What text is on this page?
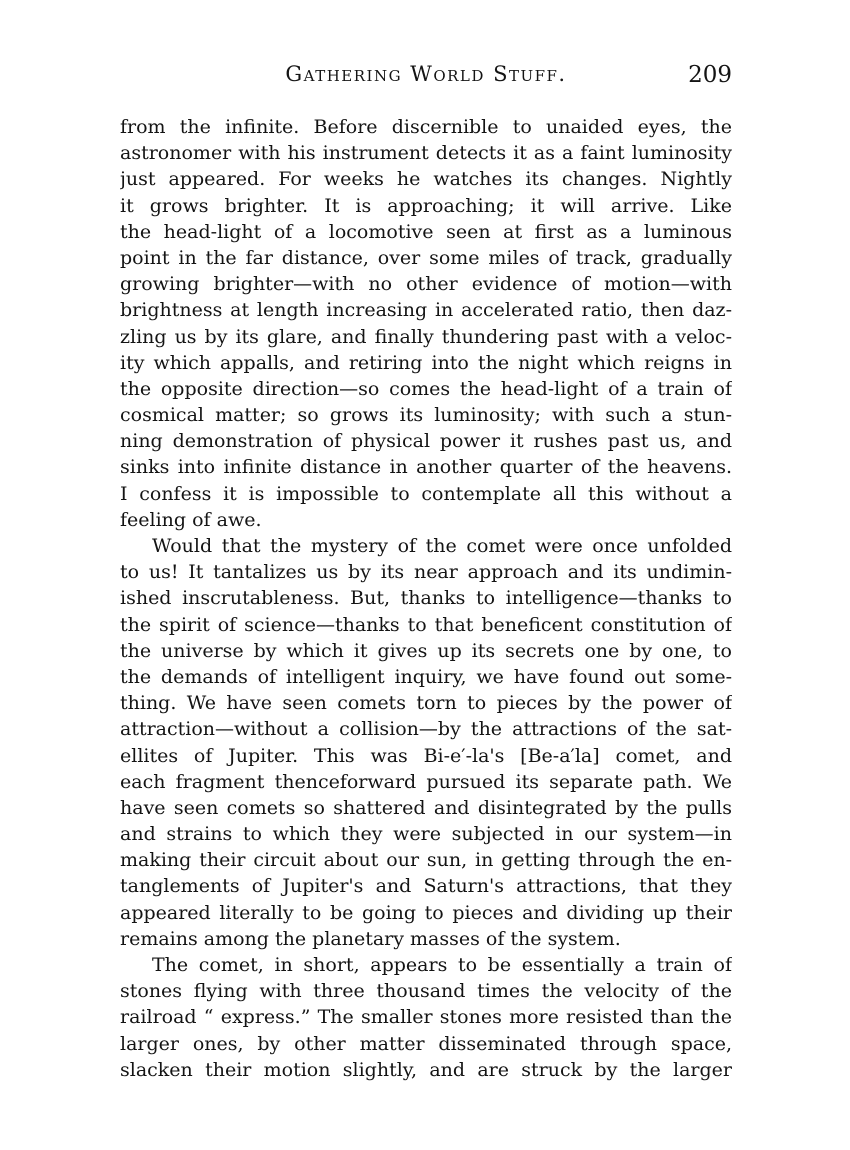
Gathering World Stuff.	209
from the infinite. Before discernible to unaided eyes, the
astronomer with his instrument detects it as a faint luminosity
just appeared. For weeks he watches its changes. Nightly
it grows brighter. It is approaching; it will arrive. Like
the head-light of a locomotive seen at first as a luminous
point in the far distance, over some miles of track, gradually
growing brighter—with no other evidence of motion—with
brightness at length increasing in accelerated ratio, then daz-
zling us by its glare, and finally thundering past with a veloc-
ity which appalls, and retiring into the night which reigns in
the opposite direction—so comes the head-light of a train of
cosmical matter; so grows its luminosity; with such a stun-
ning demonstration of physical power it rushes past us, and
sinks into infinite distance in another quarter of the heavens.
I confess it is impossible to contemplate all this without a
feeling of awe.
Would that the mystery of the comet were once unfolded
to us! It tantalizes us by its near approach and its undimin-
ished inscrutableness. But, thanks to intelligence—thanks to
the spirit of science—thanks to that beneficent constitution of
the universe by which it gives up its secrets one by one, to
the demands of intelligent inquiry, we have found out some-
thing. We have seen comets torn to pieces by the power of
attraction—without a collision—by the attractions of the sat-
ellites of Jupiter. This was Bi-e′-la's [Be-a′la] comet, and
each fragment thenceforward pursued its separate path. We
have seen comets so shattered and disintegrated by the pulls
and strains to which they were subjected in our system—in
making their circuit about our sun, in getting through the en-
tanglements of Jupiter's and Saturn's attractions, that they
appeared literally to be going to pieces and dividing up their
remains among the planetary masses of the system.
The comet, in short, appears to be essentially a train of
stones flying with three thousand times the velocity of the
railroad “ express.” The smaller stones more resisted than the
larger ones, by other matter disseminated through space,
slacken their motion slightly, and are struck by the larger
